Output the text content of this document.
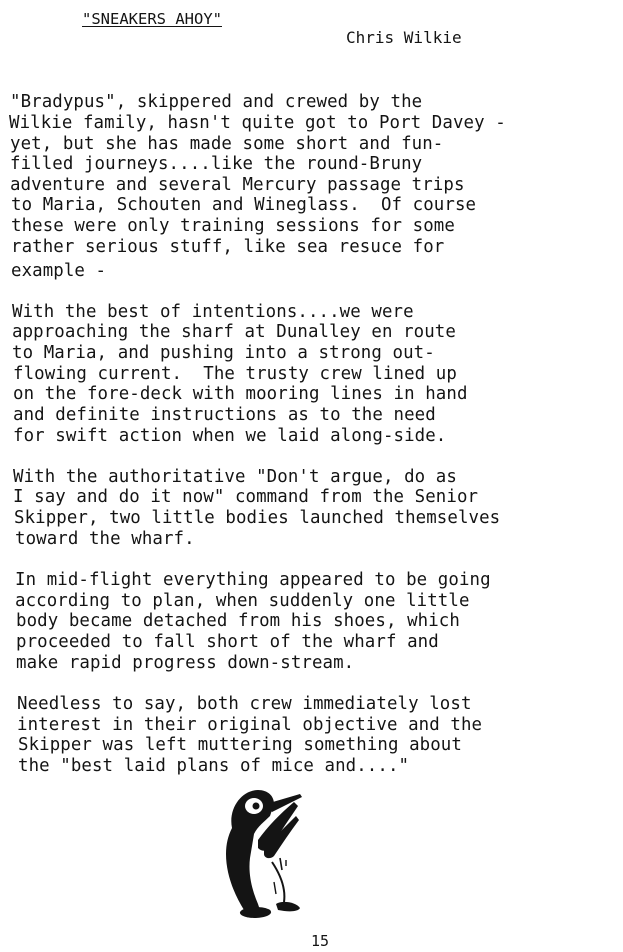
"SNEAKERS AHOY"
Chris Wilkie
"Bradypus", skippered and crewed by the
Wilkie family, hasn't quite got to Port Davey -
yet, but she has made some short and fun-
filled journeys....like the round-Bruny
adventure and several Mercury passage trips
to Maria, Schouten and Wineglass.  Of course
these were only training sessions for some
rather serious stuff, like sea resuce for
example -
With the best of intentions....we were
approaching the sharf at Dunalley en route
to Maria, and pushing into a strong out-
flowing current.  The trusty crew lined up
on the fore-deck with mooring lines in hand
and definite instructions as to the need
for swift action when we laid along-side.
With the authoritative "Don't argue, do as
I say and do it now" command from the Senior
Skipper, two little bodies launched themselves
toward the wharf.
In mid-flight everything appeared to be going
according to plan, when suddenly one little
body became detached from his shoes, which
proceeded to fall short of the wharf and
make rapid progress down-stream.
Needless to say, both crew immediately lost
interest in their original objective and the
Skipper was left muttering something about
the "best laid plans of mice and...."
15
